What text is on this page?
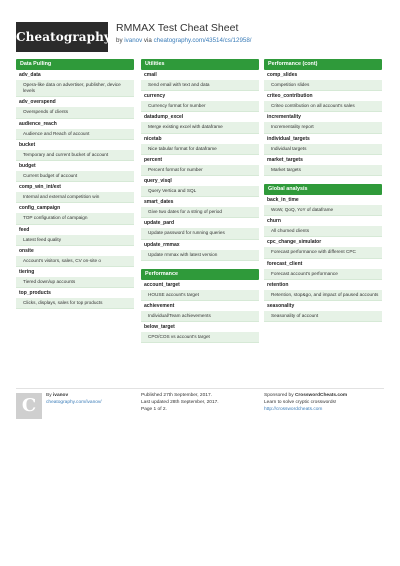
Cheatography
RMMAX Test Cheat Sheet
by ivanov via cheatography.com/43514/cs/12958/
Data Pulling
adv_data
Opera-like data on advertiser, publisher, device levels
adv_overspend
Overspends of clients
audience_reach
Audience and Reach of account
bucket
Temporary and current bucket of account
budget
Current budget of account
comp_win_int/ext
Internal and external competition win
config_campaign
TOP configuration of campaign
feed
Latest feed quality
onsite
Account's visitors, sales, CV on-site o
tiering
Tiered down/up accounts
top_products
Clicks, displays, sales for top products
Utilities
cmail
Send email with text and data
currency
Currency format for number
datadump_excel
Merge existing excel with dataframe
nicetab
Nice tabular format for dataframe
percent
Percent format for number
query_visql
Query Vertica and SQL
smart_dates
Give two dates for a string of period
update_pard
Update password for running queries
update_rmmax
Update rmmax with latest version
Performance
account_target
HOUSE account's target
achievement
Individual/Team achievements
below_target
CPO/COS vs account's target
Performance (cont)
comp_slides
Competition slides
criteo_contribution
Criteo contribution on all account's sales
incrementality
Incrementality report
individual_targets
Individual targets
market_targets
Market targets
Global analysis
back_in_time
WoW, QoQ, YoY of dataframe
churn
All churned clients
cpc_change_simulator
Forecast performance with different CPC
forecast_client
Forecast account's performance
retention
Retention, stop&go, and impact of paused accounts
seasonality
Seasonality of account
C	By ivanov
cheatography.com/ivanov/
Published 27th September, 2017.
Last updated 28th September, 2017.
Page 1 of 2.
Sponsored by CrosswordCheats.com
Learn to solve cryptic crosswords!
http://crosswordcheats.com
